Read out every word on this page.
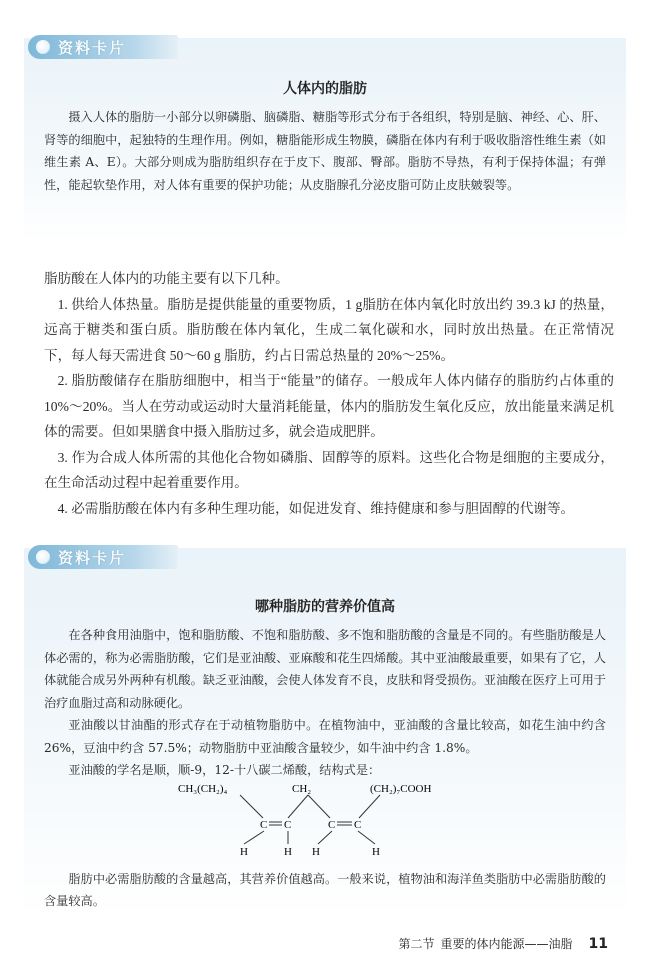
人体内的脂肪

摄入人体的脂肪一小部分以卵磷脂、脑磷脂、糖脂等形式分布于各组织，特别是脑、神经、心、肝、肾等的细胞中，起独特的生理作用。例如，糖脂能形成生物膜，磷脂在体内有利于吸收脂溶性维生素（如维生素 A、E）。大部分则成为脂肪组织存在于皮下、腹部、臀部。脂肪不导热，有利于保持体温；有弹性，能起软垫作用，对人体有重要的保护功能；从皮脂腺孔分泌皮脂可防止皮肤皴裂等。

资料卡片

脂肪酸在人体内的功能主要有以下几种。

1. 供给人体热量。脂肪是提供能量的重要物质，1 g脂肪在体内氧化时放出约 39.3 kJ 的热量，远高于糖类和蛋白质。脂肪酸在体内氧化，生成二氧化碳和水，同时放出热量。在正常情况下，每人每天需进食 50～60 g 脂肪，约占日需总热量的 20%～25%。

2. 脂肪酸储存在脂肪细胞中，相当于“能量”的储存。一般成年人体内储存的脂肪约占体重的 10%～20%。当人在劳动或运动时大量消耗能量，体内的脂肪发生氧化反应，放出能量来满足机体的需要。但如果膳食中摄入脂肪过多，就会造成肥胖。

3. 作为合成人体所需的其他化合物如磷脂、固醇等的原料。这些化合物是细胞的主要成分，在生命活动过程中起着重要作用。

4. 必需脂肪酸在体内有多种生理功能，如促进发育、维持健康和参与胆固醇的代谢等。

哪种脂肪的营养价值高

在各种食用油脂中，饱和脂肪酸、不饱和脂肪酸、多不饱和脂肪酸的含量是不同的。有些脂肪酸是人体必需的，称为必需脂肪酸，它们是亚油酸、亚麻酸和花生四烯酸。其中亚油酸最重要，如果有了它，人体就能合成另外两种有机酸。缺乏亚油酸，会使人体发育不良，皮肤和肾受损伤。亚油酸在医疗上可用于治疗血脂过高和动脉硬化。

亚油酸以甘油酯的形式存在于动植物脂肪中。在植物油中，亚油酸的含量比较高，如花生油中约含 26%，豆油中约含 57.5%；动物脂肪中亚油酸含量较少，如牛油中约含 1.8%。

亚油酸的学名是顺，顺-9，12-十八碳二烯酸，结构式是：

脂肪中必需脂肪酸的含量越高，其营养价值越高。一般来说，植物油和海洋鱼类脂肪中必需脂肪酸的含量较高。

资料卡片
CH₃(CH₂)₄	CH₂	(CH₂)₇COOH
C C	C C
H	H H	H
第二节 重要的体内能源——油脂 11
